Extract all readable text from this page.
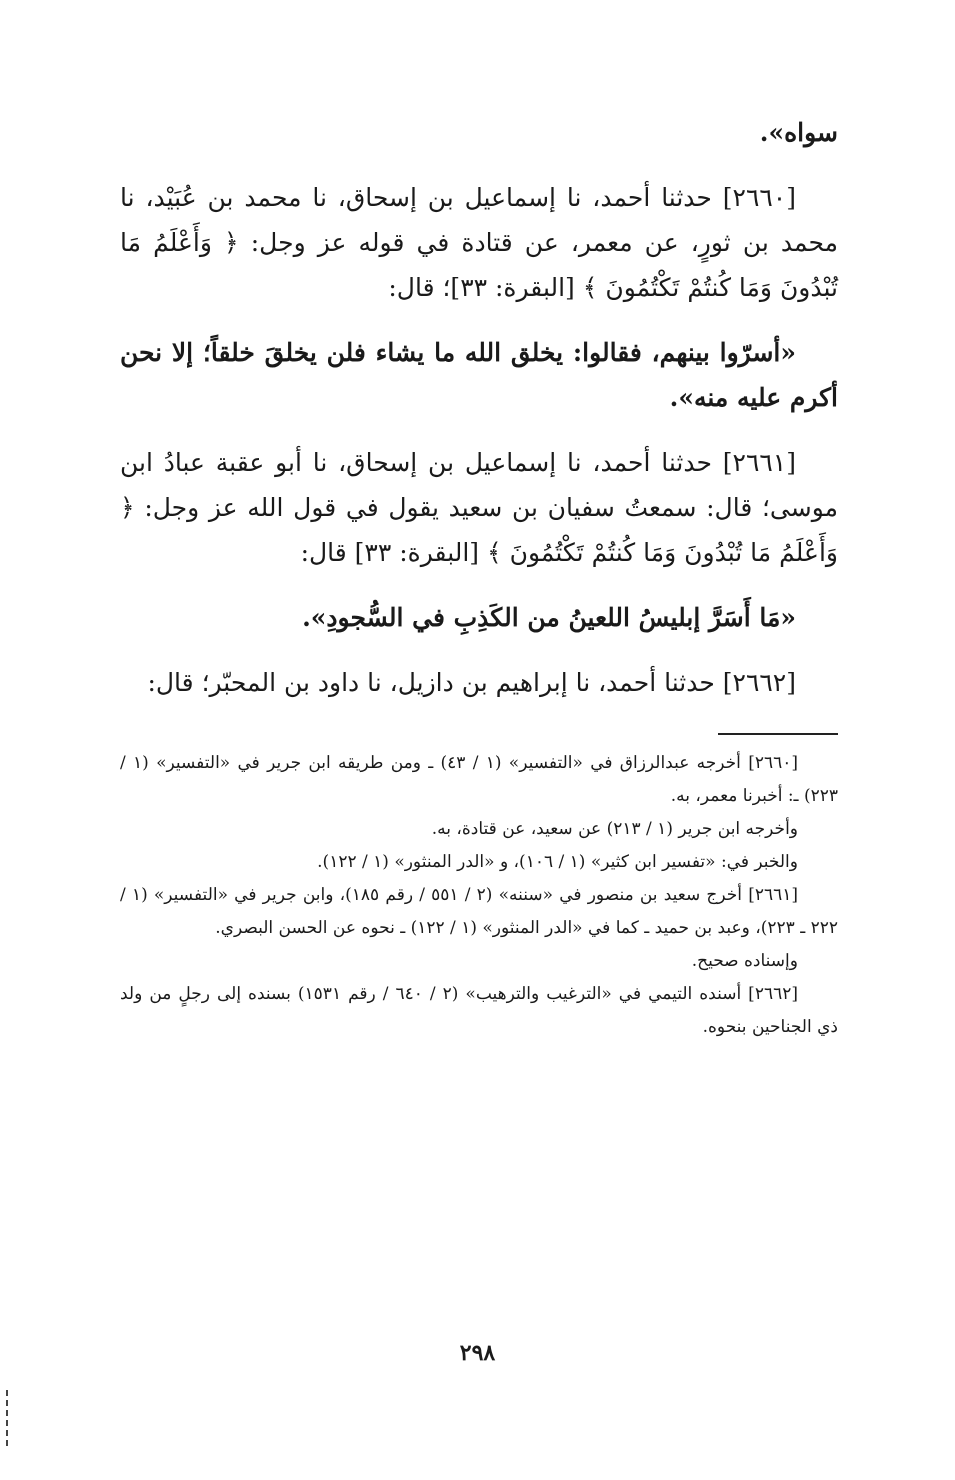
سواه».

[٢٦٦٠] حدثنا أحمد، نا إسماعيل بن إسحاق، نا محمد بن عُبَيْد، نا محمد بن ثورٍ، عن معمر، عن قتادة في قوله عز وجل: ﴿ وَأَعْلَمُ مَا تُبْدُونَ وَمَا كُنتُمْ تَكْتُمُونَ ﴾ [البقرة: ٣٣]؛ قال:

«أسرّوا بينهم، فقالوا: يخلق الله ما يشاء فلن يخلقَ خلقاً؛ إلا نحن أكرم عليه منه».

[٢٦٦١] حدثنا أحمد، نا إسماعيل بن إسحاق، نا أبو عقبة عبادُ ابن موسى؛ قال: سمعتُ سفيان بن سعيد يقول في قول الله عز وجل: ﴿ وَأَعْلَمُ مَا تُبْدُونَ وَمَا كُنتُمْ تَكْتُمُونَ ﴾ [البقرة: ٣٣] قال:

«مَا أَسَرَّ إبليسُ اللعينُ من الكَذِبِ في السُّجودِ».

[٢٦٦٢] حدثنا أحمد، نا إبراهيم بن دازيل، نا داود بن المحبّر؛ قال:

[٢٦٦٠] أخرجه عبدالرزاق في «التفسير» (١ / ٤٣) ـ ومن طريقه ابن جرير في «التفسير» (١ / ٢٢٣) ـ: أخبرنا معمر، به.

وأخرجه ابن جرير (١ / ٢١٣) عن سعيد، عن قتادة، به.

والخبر في: «تفسير ابن كثير» (١ / ١٠٦)، و «الدر المنثور» (١ / ١٢٢).

[٢٦٦١] أخرج سعيد بن منصور في «سننه» (٢ / ٥٥١ / رقم ١٨٥)، وابن جرير في «التفسير» (١ / ٢٢٢ ـ ٢٢٣)، وعبد بن حميد ـ كما في «الدر المنثور» (١ / ١٢٢) ـ نحوه عن الحسن البصري.

وإسناده صحيح.

[٢٦٦٢] أسنده التيمي في «الترغيب والترهيب» (٢ / ٦٤٠ / رقم ١٥٣١) بسنده إلى رجلٍ من ولد ذي الجناحين بنحوه.

٢٩٨
